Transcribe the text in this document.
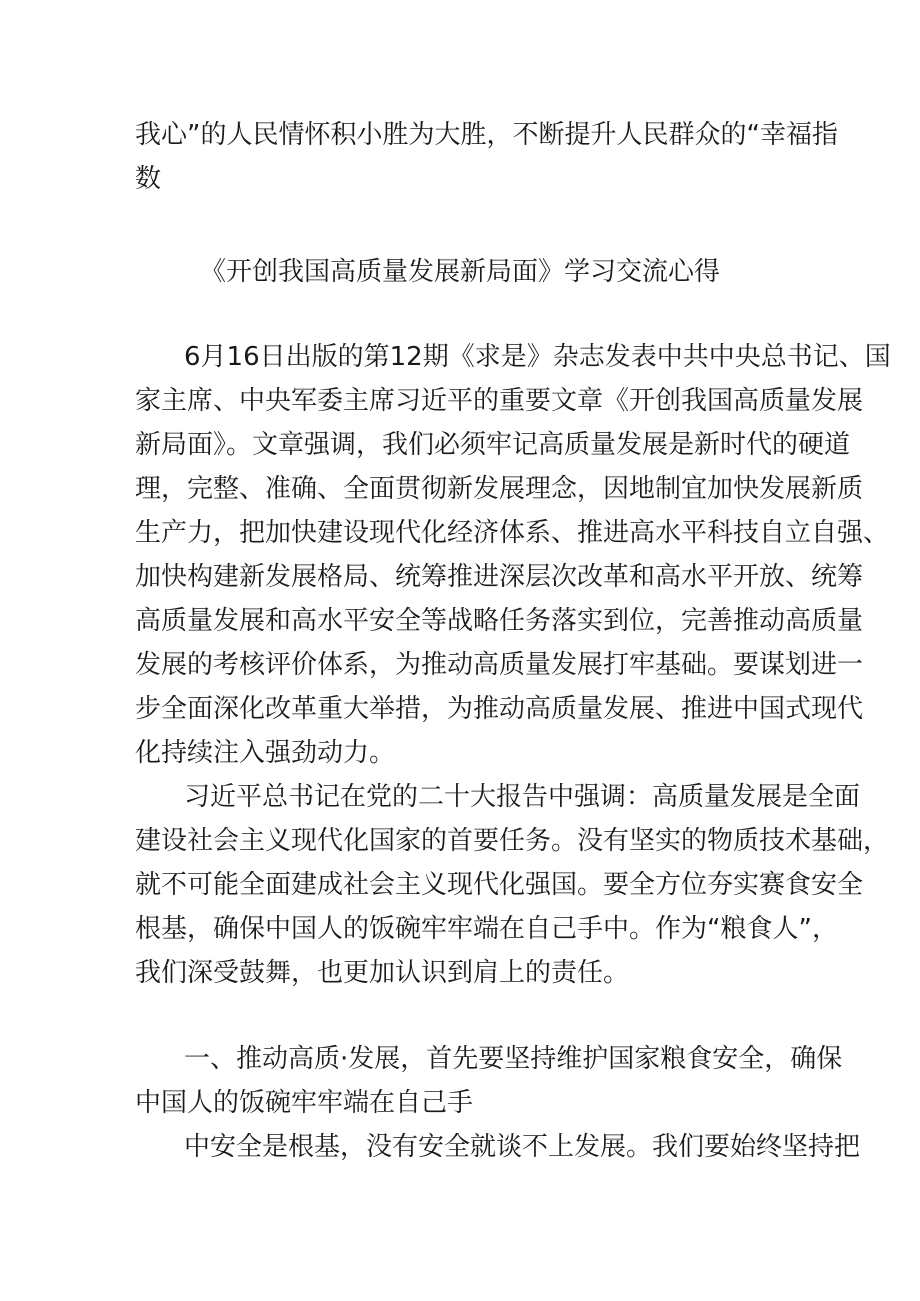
我心”的人民情怀积小胜为大胜，不断提升人民群众的“幸福指
数
《开创我国高质量发展新局面》学习交流心得
6月16日出版的第12期《求是》杂志发表中共中央总书记、国
家主席、中央军委主席习近平的重要文章《开创我国高质量发展
新局面》。文章强调，我们必须牢记高质量发展是新时代的硬道
理，完整、准确、全面贯彻新发展理念，因地制宜加快发展新质
生产力，把加快建设现代化经济体系、推进高水平科技自立自强、
加快构建新发展格局、统筹推进深层次改革和高水平开放、统筹
高质量发展和高水平安全等战略任务落实到位，完善推动高质量
发展的考核评价体系，为推动高质量发展打牢基础。要谋划进一
步全面深化改革重大举措，为推动高质量发展、推进中国式现代
化持续注入强劲动力。
习近平总书记在党的二十大报告中强调：高质量发展是全面
建设社会主义现代化国家的首要任务。没有坚实的物质技术基础，
就不可能全面建成社会主义现代化强国。要全方位夯实赛食安全
根基，确保中国人的饭碗牢牢端在自己手中。作为“粮食人”，
我们深受鼓舞，也更加认识到肩上的责任。
一、推动高质·发展，首先要坚持维护国家粮食安全，确保
中国人的饭碗牢牢端在自己手
中安全是根基，没有安全就谈不上发展。我们要始终坚持把
